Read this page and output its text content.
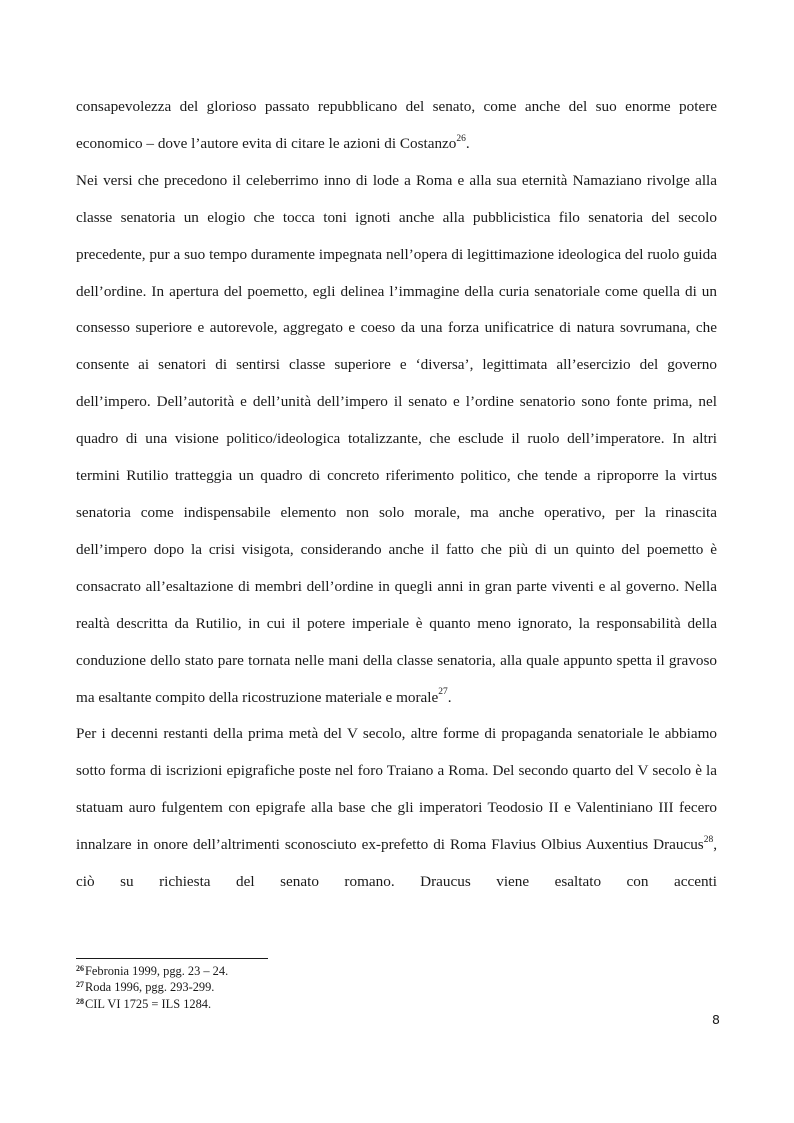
consapevolezza del glorioso passato repubblicano del senato, come anche del suo enorme potere economico – dove l’autore evita di citare le azioni di Costanzo$^{26}$.

Nei versi che precedono il celeberrimo inno di lode a Roma e alla sua eternità Namaziano rivolge alla classe senatoria un elogio che tocca toni ignoti anche alla pubblicistica filo senatoria del secolo precedente, pur a suo tempo duramente impegnata nell’opera di legittimazione ideologica del ruolo guida dell’ordine. In apertura del poemetto, egli delinea l’immagine della curia senatoriale come quella di un consesso superiore e autorevole, aggregato e coeso da una forza unificatrice di natura sovrumana, che consente ai senatori di sentirsi classe superiore e ‘diversa’, legittimata all’esercizio del governo dell’impero. Dell’autorità e dell’unità dell’impero il senato e l’ordine senatorio sono fonte prima, nel quadro di una visione politico/ideologica totalizzante, che esclude il ruolo dell’imperatore. In altri termini Rutilio tratteggia un quadro di concreto riferimento politico, che tende a riproporre la virtus senatoria come indispensabile elemento non solo morale, ma anche operativo, per la rinascita dell’impero dopo la crisi visigota, considerando anche il fatto che più di un quinto del poemetto è consacrato all’esaltazione di membri dell’ordine in quegli anni in gran parte viventi e al governo. Nella realtà descritta da Rutilio, in cui il potere imperiale è quanto meno ignorato, la responsabilità della conduzione dello stato pare tornata nelle mani della classe senatoria, alla quale appunto spetta il gravoso ma esaltante compito della ricostruzione materiale e morale$^{27}$.

Per i decenni restanti della prima metà del V secolo, altre forme di propaganda senatoriale le abbiamo sotto forma di iscrizioni epigrafiche poste nel foro Traiano a Roma. Del secondo quarto del V secolo è la statuam auro fulgentem con epigrafe alla base che gli imperatori Teodosio II e Valentiniano III fecero innalzare in onore dell’altrimenti sconosciuto ex-prefetto di Roma Flavius Olbius Auxentius Draucus$^{28}$, ciò su richiesta del senato romano. Draucus viene esaltato con accenti

$^{26}$Febronia 1999, pgg. 23 – 24.
$^{27}$Roda 1996, pgg. 293-299.
$^{28}$CIL VI 1725 = ILS 1284.
8
